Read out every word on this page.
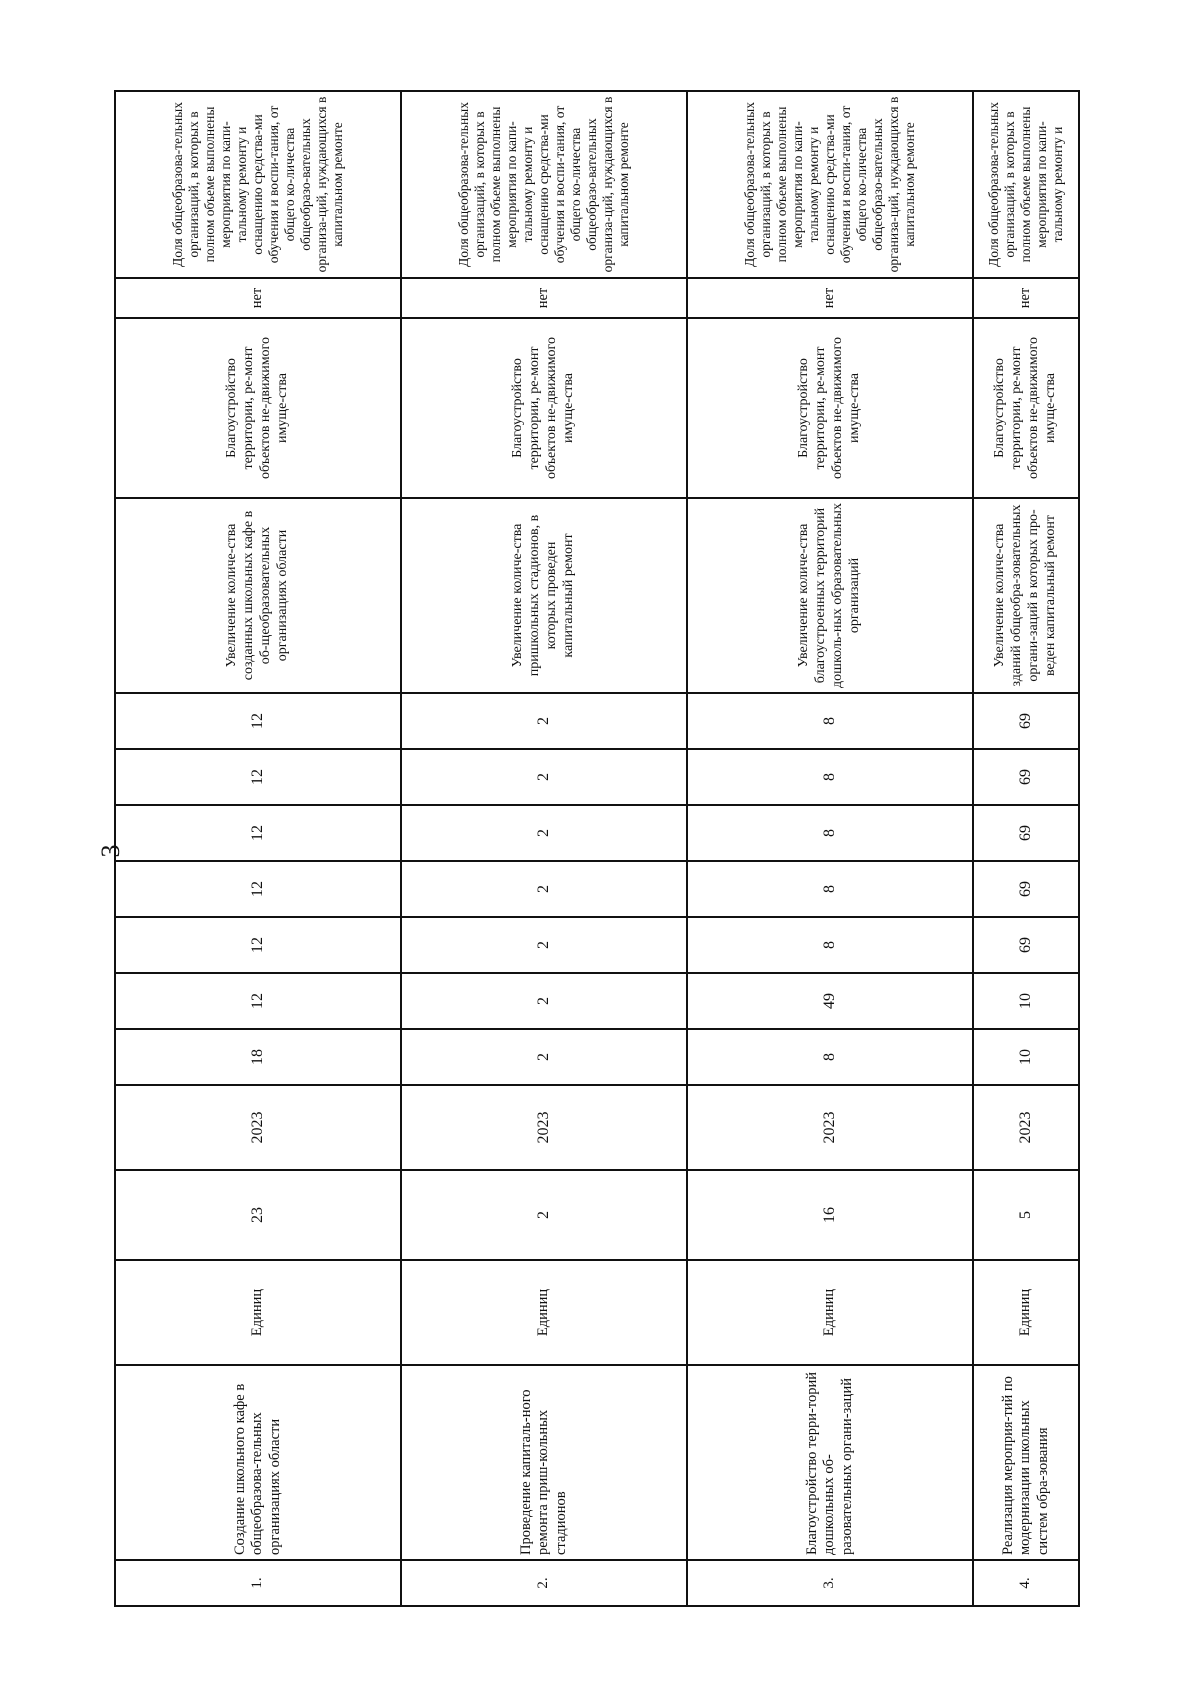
3
1.	Создание школьного кафе в общеобразова-тельных организациях области	Единиц	23	2023	18	12	12	12	12	12	12	Увеличение количе-ства созданных школьных кафе в об-щеобразовательных организациях области	Благоустройство территории, ре-монт объектов не-движимого имуще-ства	нет	Доля общеобразова-тельных организаций, в которых в полном объеме выполнены мероприятия по капи-тальному ремонту и оснащению средства-ми обучения и воспи-тания, от общего ко-личества общеобразо-вательных организа-ций, нуждающихся в капитальном ремонте
2.	Проведение капиталь-ного ремонта приш-кольных стадионов	Единиц	2	2023	2	2	2	2	2	2	2	Увеличение количе-ства пришкольных стадионов, в которых проведен капитальный ремонт	Благоустройство территории, ре-монт объектов не-движимого имуще-ства	нет	Доля общеобразова-тельных организаций, в которых в полном объеме выполнены мероприятия по капи-тальному ремонту и оснащению средства-ми обучения и воспи-тания, от общего ко-личества общеобразо-вательных организа-ций, нуждающихся в капитальном ремонте
3.	Благоустройство терри-торий дошкольных об-разовательных органи-заций	Единиц	16	2023	8	49	8	8	8	8	8	Увеличение количе-ства благоустроенных территорий дошколь-ных образовательных организаций	Благоустройство территории, ре-монт объектов не-движимого имуще-ства	нет	Доля общеобразова-тельных организаций, в которых в полном объеме выполнены мероприятия по капи-тальному ремонту и оснащению средства-ми обучения и воспи-тания, от общего ко-личества общеобразо-вательных организа-ций, нуждающихся в капитальном ремонте
4.	Реализация мероприя-тий по модернизации школьных систем обра-зования	Единиц	5	2023	10	10	69	69	69	69	69	Увеличение количе-ства зданий общеобра-зовательных органи-заций в которых про-веден капитальный ремонт	Благоустройство территории, ре-монт объектов не-движимого имуще-ства	нет	Доля общеобразова-тельных организаций, в которых в полном объеме выполнены мероприятия по капи-тальному ремонту и
